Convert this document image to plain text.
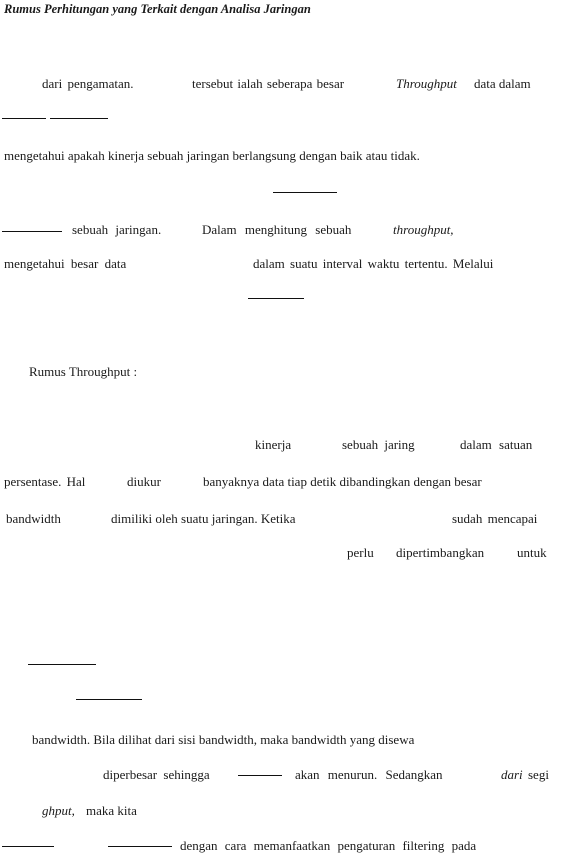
Rumus Perhitungan yang Terkait dengan Analisa Jaringan
dari pengamatan.	tersebut ialah seberapa besar	Throughput data dalam
mengetahui apakah kinerja sebuah jaringan berlangsung dengan baik atau tidak.
sebuah jaringan.	Dalam menghitung sebuah	throughput,
mengetahui besar data	dalam suatu interval waktu tertentu. Melalui
Rumus Throughput :
kinerja	sebuah jaring	dalam satuan
persentase. Hal	diukur	banyaknya data tiap detik dibandingkan dengan besar
bandwidth	dimiliki oleh suatu jaringan. Ketika	sudah mencapai
perlu dipertimbangkan	untuk
bandwidth. Bila dilihat dari sisi bandwidth, maka bandwidth yang disewa
diperbesar sehingga	akan menurun. Sedangkan	dari segi
ghput, maka kita
dengan cara memanfaatkan pengaturan filtering pada
